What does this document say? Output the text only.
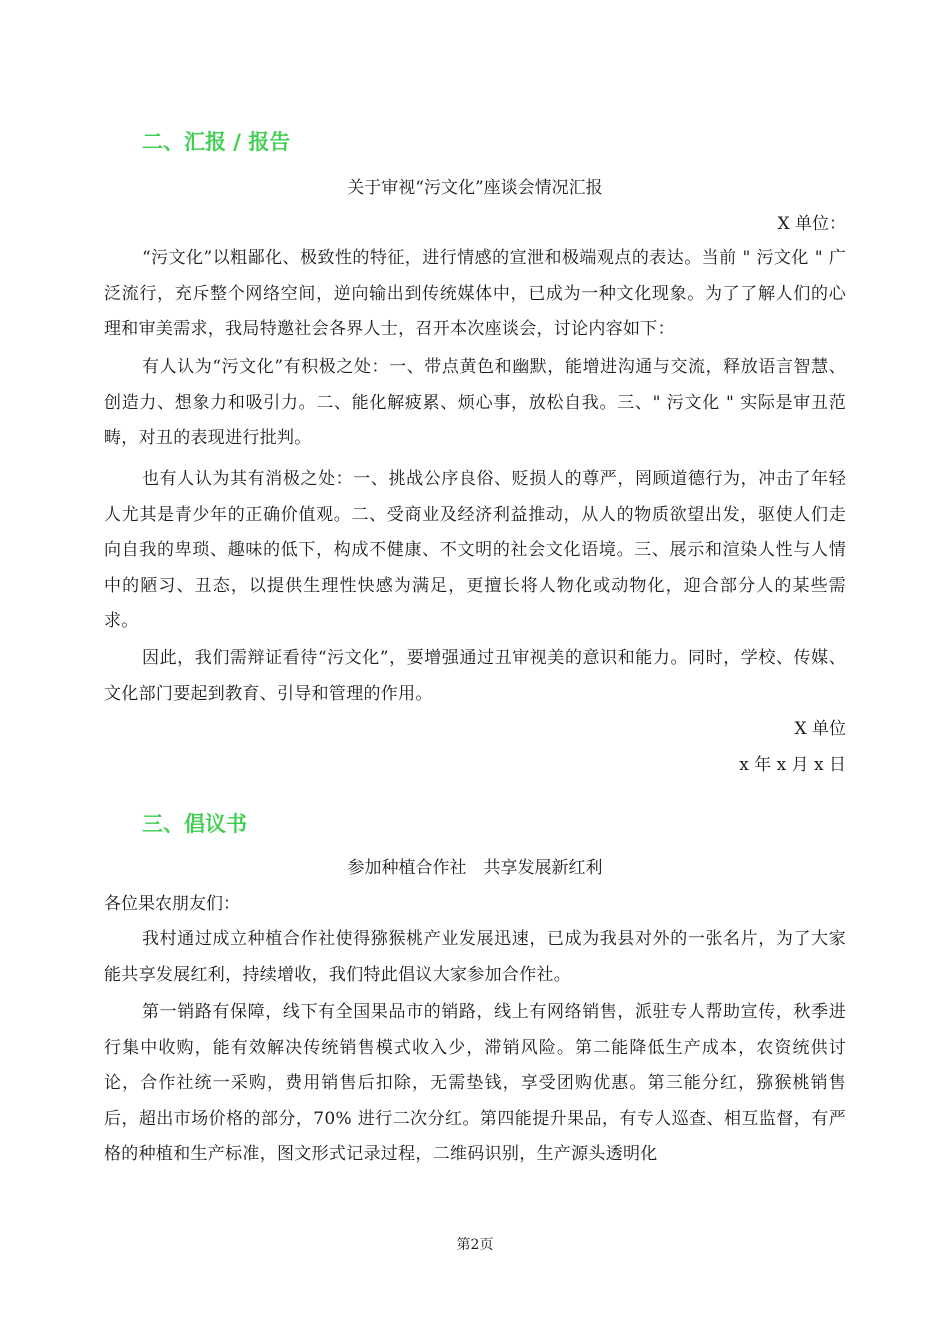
二、汇报 / 报告

关于审视“污文化”座谈会情况汇报

X 单位：

“污文化”以粗鄙化、极致性的特征，进行情感的宣泄和极端观点的表达。当前 " 污文化 " 广泛流行，充斥整个网络空间，逆向输出到传统媒体中，已成为一种文化现象。为了了解人们的心理和审美需求，我局特邀社会各界人士，召开本次座谈会，讨论内容如下：

有人认为“污文化”有积极之处：一、带点黄色和幽默，能增进沟通与交流，释放语言智慧、创造力、想象力和吸引力。二、能化解疲累、烦心事，放松自我。三、" 污文化 " 实际是审丑范畴，对丑的表现进行批判。

也有人认为其有消极之处：一、挑战公序良俗、贬损人的尊严，罔顾道德行为，冲击了年轻人尤其是青少年的正确价值观。二、受商业及经济利益推动，从人的物质欲望出发，驱使人们走向自我的卑琐、趣味的低下，构成不健康、不文明的社会文化语境。三、展示和渲染人性与人情中的陋习、丑态，以提供生理性快感为满足，更擅长将人物化或动物化，迎合部分人的某些需求。

因此，我们需辩证看待“污文化”，要增强通过丑审视美的意识和能力。同时，学校、传媒、文化部门要起到教育、引导和管理的作用。

X 单位

x 年 x 月 x 日

三、倡议书

参加种植合作社　共享发展新红利

各位果农朋友们：

我村通过成立种植合作社使得猕猴桃产业发展迅速，已成为我县对外的一张名片，为了大家能共享发展红利，持续增收，我们特此倡议大家参加合作社。

第一销路有保障，线下有全国果品市的销路，线上有网络销售，派驻专人帮助宣传，秋季进行集中收购，能有效解决传统销售模式收入少，滞销风险。第二能降低生产成本，农资统供讨论，合作社统一采购，费用销售后扣除，无需垫钱，享受团购优惠。第三能分红，猕猴桃销售后，超出市场价格的部分，70% 进行二次分红。第四能提升果品，有专人巡查、相互监督，有严格的种植和生产标准，图文形式记录过程，二维码识别，生产源头透明化

第2页
